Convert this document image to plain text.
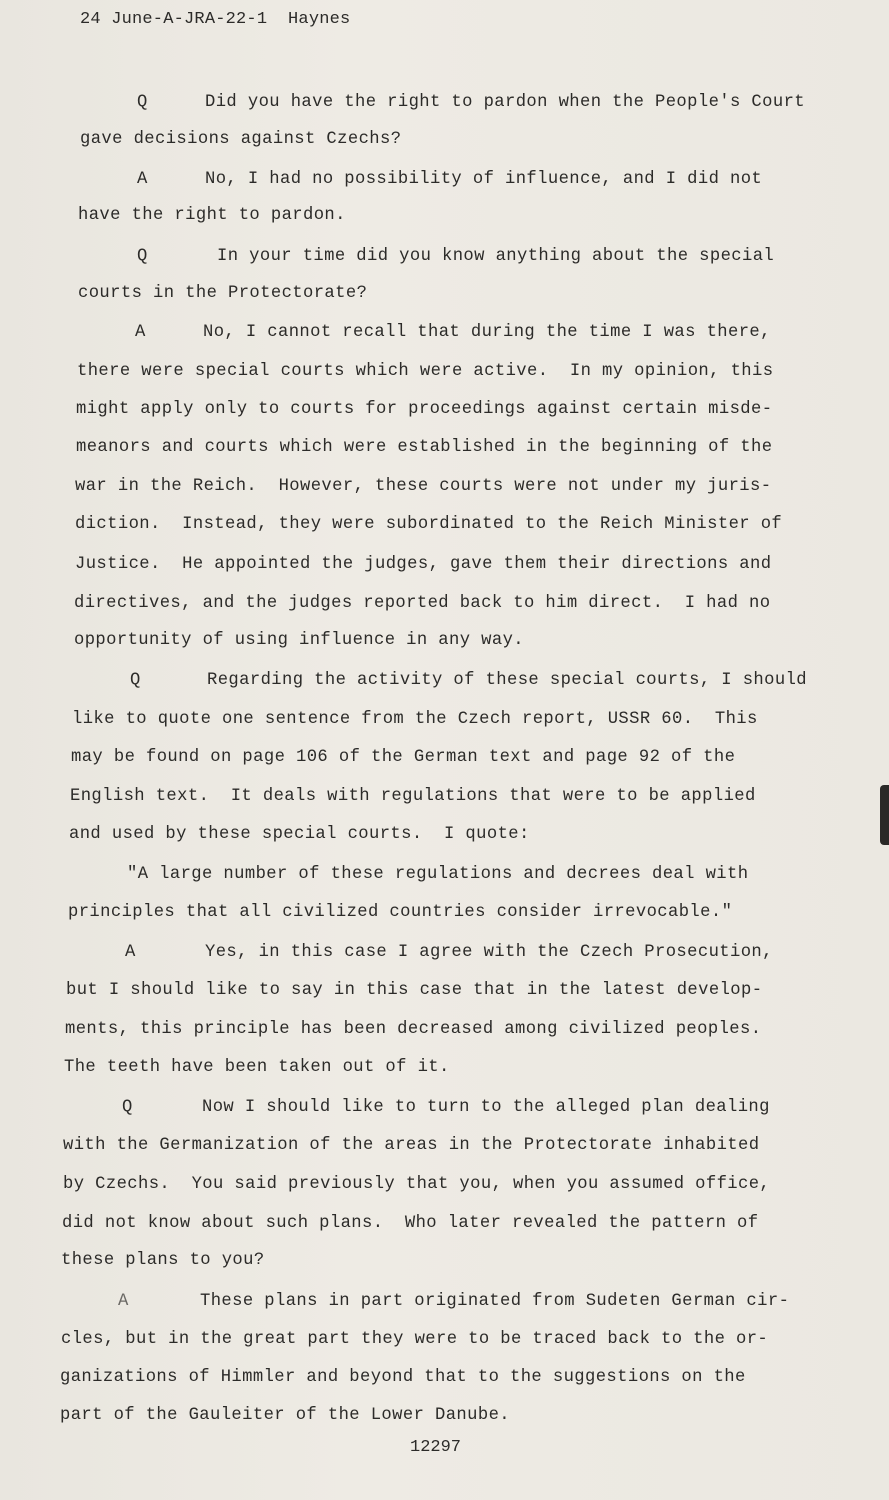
24 June-A-JRA-22-1  Haynes
Q	Did you have the right to pardon when the People's Court
gave decisions against Czechs?
A	No, I had no possibility of influence, and I did not
have the right to pardon.
Q	In your time did you know anything about the special
courts in the Protectorate?
A	No, I cannot recall that during the time I was there,
there were special courts which were active.  In my opinion, this
might apply only to courts for proceedings against certain misde-
meanors and courts which were established in the beginning of the
war in the Reich.  However, these courts were not under my juris-
diction.  Instead, they were subordinated to the Reich Minister of
Justice.  He appointed the judges, gave them their directions and
directives, and the judges reported back to him direct.  I had no
opportunity of using influence in any way.
Q	Regarding the activity of these special courts, I should
like to quote one sentence from the Czech report, USSR 60.  This
may be found on page 106 of the German text and page 92 of the
English text.  It deals with regulations that were to be applied
and used by these special courts.  I quote:
"A large number of these regulations and decrees deal with
principles that all civilized countries consider irrevocable."
A	Yes, in this case I agree with the Czech Prosecution,
but I should like to say in this case that in the latest develop-
ments, this principle has been decreased among civilized peoples.
The teeth have been taken out of it.
Q	Now I should like to turn to the alleged plan dealing
with the Germanization of the areas in the Protectorate inhabited
by Czechs.  You said previously that you, when you assumed office,
did not know about such plans.  Who later revealed the pattern of
these plans to you?
A	These plans in part originated from Sudeten German cir-
cles, but in the great part they were to be traced back to the or-
ganizations of Himmler and beyond that to the suggestions on the
part of the Gauleiter of the Lower Danube.
12297
